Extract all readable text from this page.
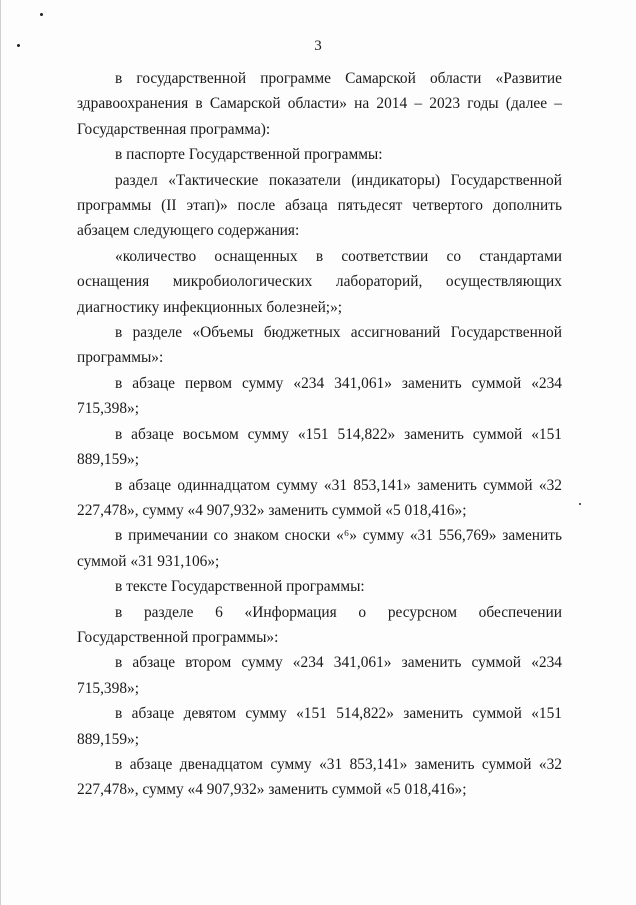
3

в государственной программе Самарской области «Развитие здравоохранения в Самарской области» на 2014 – 2023 годы (далее – Государственная программа):

в паспорте Государственной программы:

раздел «Тактические показатели (индикаторы) Государственной программы (II этап)» после абзаца пятьдесят четвертого дополнить абзацем следующего содержания:

«количество оснащенных в соответствии со стандартами оснащения микробиологических лабораторий, осуществляющих диагностику инфекционных болезней;»;

в разделе «Объемы бюджетных ассигнований Государственной программы»:

в абзаце первом сумму «234 341,061» заменить суммой «234 715,398»;

в абзаце восьмом сумму «151 514,822» заменить суммой «151 889,159»;

в абзаце одиннадцатом сумму «31 853,141» заменить суммой «32 227,478», сумму «4 907,932» заменить суммой «5 018,416»;

в примечании со знаком сноски «⁶» сумму «31 556,769» заменить суммой «31 931,106»;

в тексте Государственной программы:

в разделе 6 «Информация о ресурсном обеспечении Государственной программы»:

в абзаце втором сумму «234 341,061» заменить суммой «234 715,398»;

в абзаце девятом сумму «151 514,822» заменить суммой «151 889,159»;

в абзаце двенадцатом сумму «31 853,141» заменить суммой «32 227,478», сумму «4 907,932» заменить суммой «5 018,416»;
